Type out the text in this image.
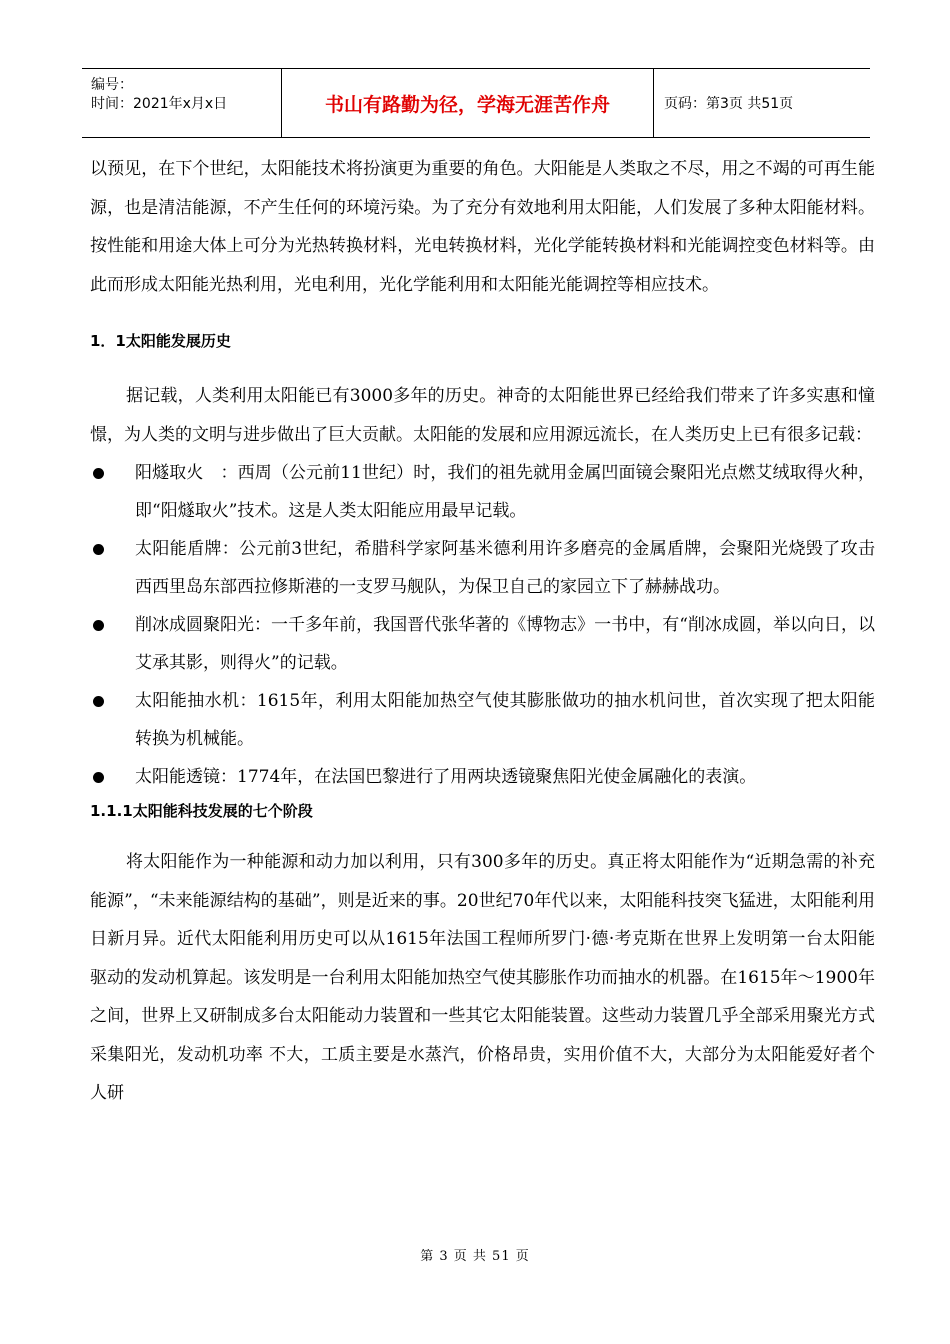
编号：
时间：2021年x月x日	书山有路勤为径，学海无涯苦作舟	页码：第3页 共51页

以预见，在下个世纪，太阳能技术将扮演更为重要的角色。大阳能是人类取之不尽，用之不竭的可再生能源，也是清洁能源，不产生任何的环境污染。为了充分有效地利用太阳能，人们发展了多种太阳能材料。按性能和用途大体上可分为光热转换材料，光电转换材料，光化学能转换材料和光能调控变色材料等。由此而形成太阳能光热利用，光电利用，光化学能利用和太阳能光能调控等相应技术。

1．1太阳能发展历史

据记载，人类利用太阳能已有3000多年的历史。神奇的太阳能世界已经给我们带来了许多实惠和憧憬，为人类的文明与进步做出了巨大贡献。太阳能的发展和应用源远流长，在人类历史上已有很多记载：

阳燧取火　：西周（公元前11世纪）时，我们的祖先就用金属凹面镜会聚阳光点燃艾绒取得火种，即“阳燧取火”技术。这是人类太阳能应用最早记载。
太阳能盾牌：公元前3世纪，希腊科学家阿基米德利用许多磨亮的金属盾牌，会聚阳光烧毁了攻击西西里岛东部西拉修斯港的一支罗马舰队，为保卫自己的家园立下了赫赫战功。
削冰成圆聚阳光：一千多年前，我国晋代张华著的《博物志》一书中，有“削冰成圆，举以向日，以艾承其影，则得火”的记载。
太阳能抽水机：1615年，利用太阳能加热空气使其膨胀做功的抽水机问世，首次实现了把太阳能转换为机械能。
太阳能透镜：1774年，在法国巴黎进行了用两块透镜聚焦阳光使金属融化的表演。

1.1.1太阳能科技发展的七个阶段

将太阳能作为一种能源和动力加以利用，只有300多年的历史。真正将太阳能作为“近期急需的补充能源”，“未来能源结构的基础”，则是近来的事。20世纪70年代以来，太阳能科技突飞猛进，太阳能利用日新月异。近代太阳能利用历史可以从1615年法国工程师所罗门·德·考克斯在世界上发明第一台太阳能驱动的发动机算起。该发明是一台利用太阳能加热空气使其膨胀作功而抽水的机器。在1615年～1900年之间，世界上又研制成多台太阳能动力装置和一些其它太阳能装置。这些动力装置几乎全部采用聚光方式采集阳光，发动机功率 不大，工质主要是水蒸汽，价格昂贵，实用价值不大，大部分为太阳能爱好者个人研

第 3 页 共 51 页
